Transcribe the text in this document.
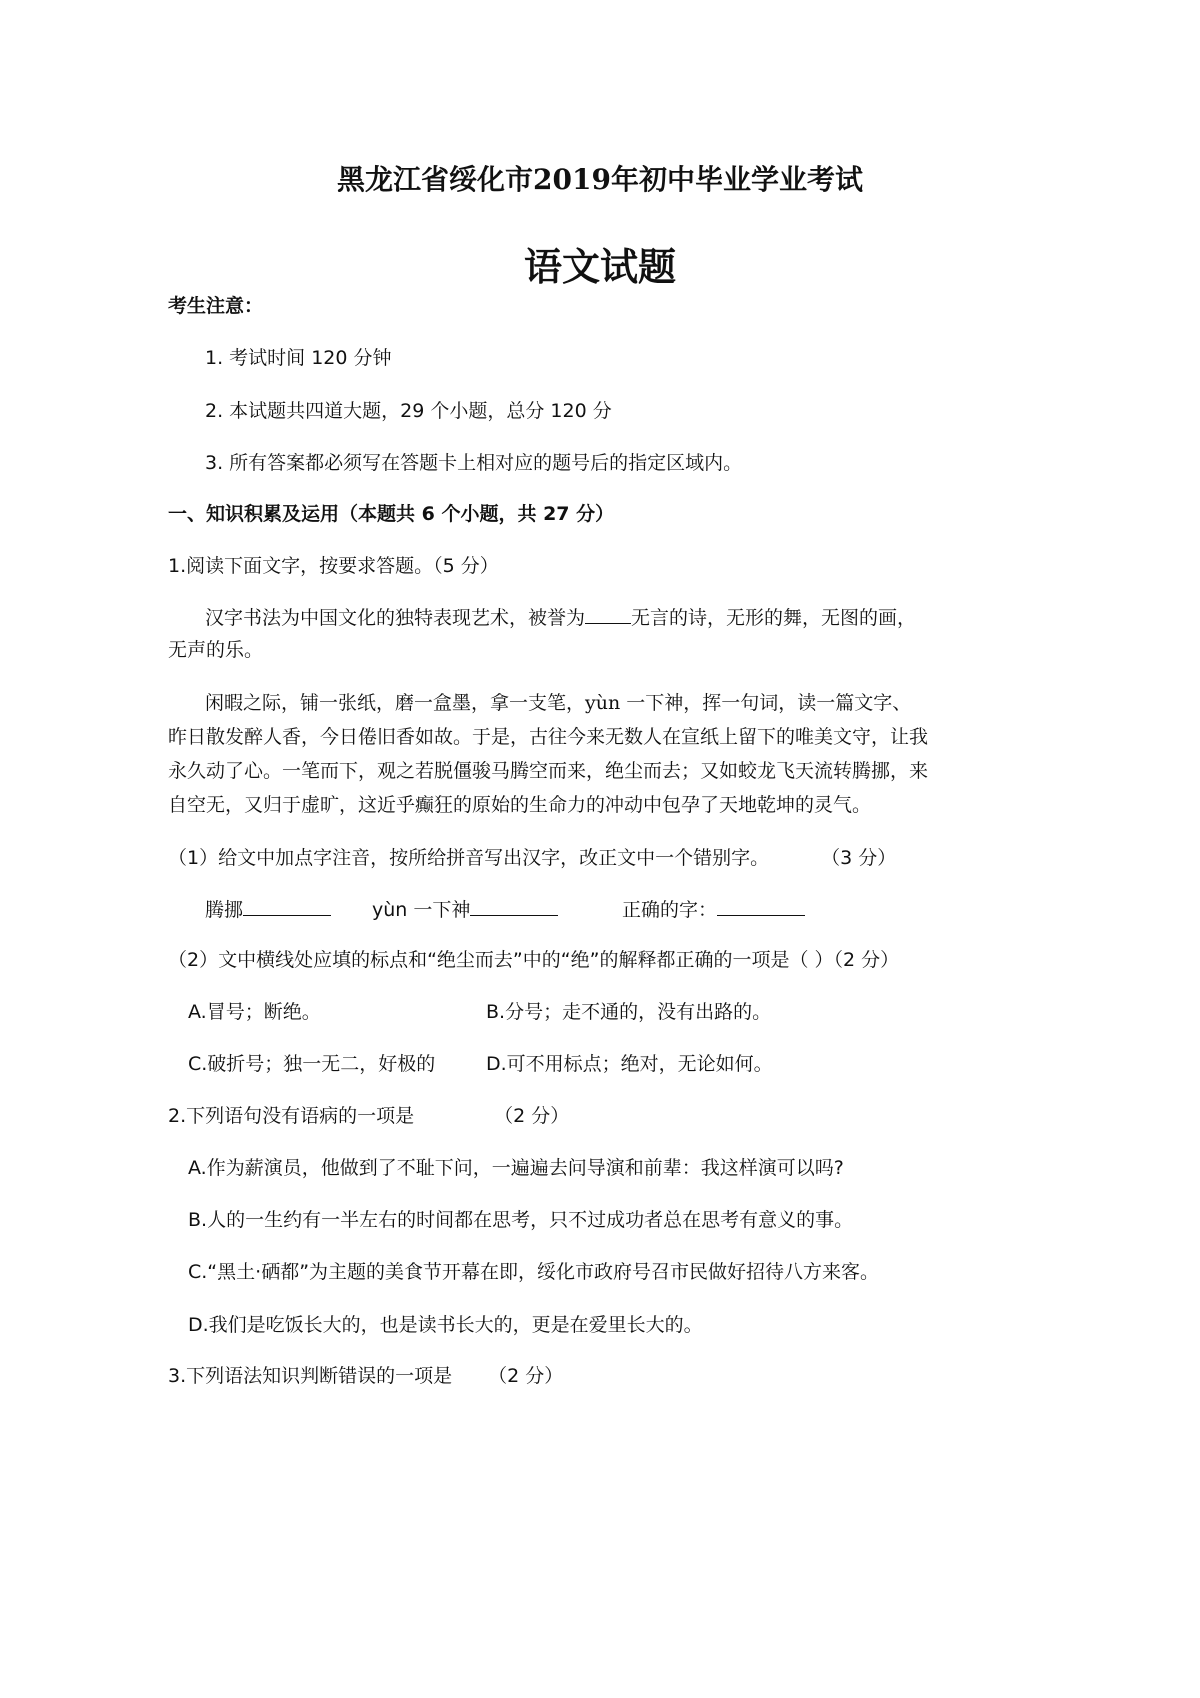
黑龙江省绥化市2019年初中毕业学业考试
语文试题
考生注意：
1. 考试时间 120 分钟
2. 本试题共四道大题，29 个小题，总分 120 分
3. 所有答案都必须写在答题卡上相对应的题号后的指定区域内。
一、知识积累及运用（本题共 6 个小题，共 27 分）
1.阅读下面文字，按要求答题。（5 分）
汉字书法为中国文化的独特表现艺术，被誉为 无言的诗，无形的舞，无图的画，
无声的乐。
闲暇之际，铺一张纸，磨一盒墨，拿一支笔，yùn 一下神，挥一句词，读一篇文字、
昨日散发醉人香，今日倦旧香如故。于是，古往今来无数人在宣纸上留下的唯美文守，让我
永久动了心。一笔而下，观之若脱僵骏马腾空而来，绝尘而去；又如蛟龙飞天流转腾挪，来
自空无，又归于虚旷，这近乎癫狂的原始的生命力的冲动中包孕了天地乾坤的灵气。
（1）给文中加点字注音，按所给拼音写出汉字，改正文中一个错别字。	（3 分）
腾挪	yùn 一下神	正确的字：
（2）文中横线处应填的标点和“绝尘而去”中的“绝”的解释都正确的一项是（ ）（2 分）
A.冒号；断绝。	B.分号；走不通的，没有出路的。
C.破折号；独一无二，好极的	D.可不用标点；绝对，无论如何。
2.下列语句没有语病的一项是	（2 分）
A.作为薪演员，他做到了不耻下问，一遍遍去问导演和前辈：我这样演可以吗?
B.人的一生约有一半左右的时间都在思考，只不过成功者总在思考有意义的事。
C.“黑土·硒都”为主题的美食节开幕在即，绥化市政府号召市民做好招待八方来客。
D.我们是吃饭长大的，也是读书长大的，更是在爱里长大的。
3.下列语法知识判断错误的一项是 （2 分）
